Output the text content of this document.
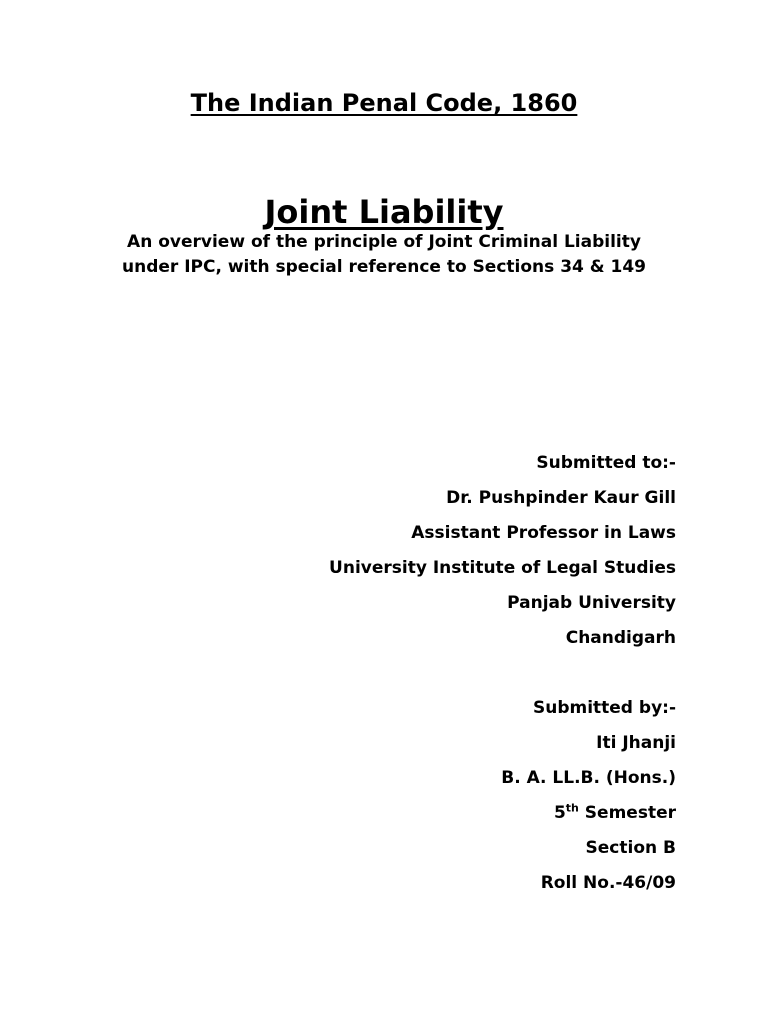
The Indian Penal Code, 1860
Joint Liability
An overview of the principle of Joint Criminal Liability
under IPC, with special reference to Sections 34 & 149
Submitted to:-
Dr. Pushpinder Kaur Gill
Assistant Professor in Laws
University Institute of Legal Studies
Panjab University
Chandigarh
Submitted by:-
Iti Jhanji
B. A. LL.B. (Hons.)
5th Semester
Section B
Roll No.-46/09
